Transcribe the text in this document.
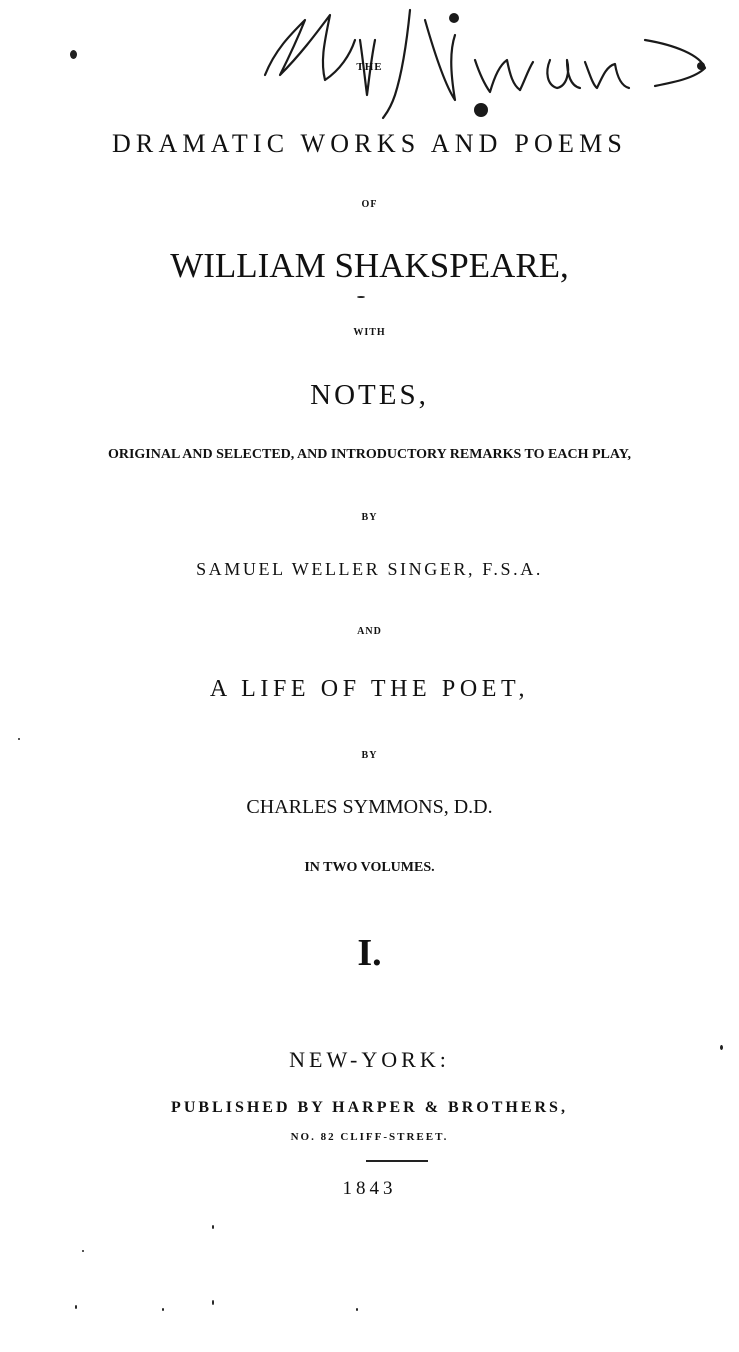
THE
DRAMATIC WORKS AND POEMS
OF
WILLIAM SHAKSPEARE,
WITH
NOTES,
ORIGINAL AND SELECTED, AND INTRODUCTORY REMARKS TO EACH PLAY,
BY
SAMUEL WELLER SINGER, F.S.A.
AND
A LIFE OF THE POET,
BY
CHARLES SYMMONS, D.D.
IN TWO VOLUMES.
I.
NEW-YORK:
PUBLISHED BY HARPER & BROTHERS,
NO. 82 CLIFF-STREET.
1843
